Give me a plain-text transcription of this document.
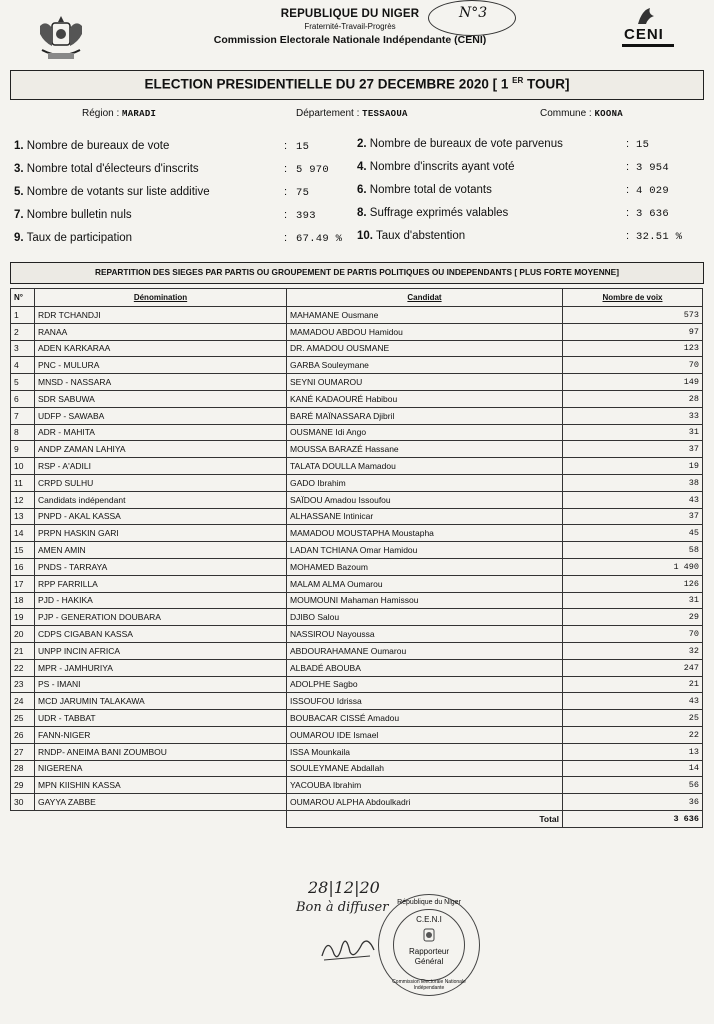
REPUBLIQUE DU NIGER
Fraternité-Travail-Progrès
Commission Electorale Nationale Indépendante (CENI)
N°3
CENI
ELECTION PRESIDENTIELLE DU 27 DECEMBRE 2020 [ 1 $^{ER}$ TOUR]
Région : MARADI	Département : TESSAOUA	Commune : KOONA
1. Nombre de bureaux de vote	: 15	2. Nombre de bureaux de vote parvenus	: 15
3. Nombre total d'électeurs d'inscrits	: 5 970 4. Nombre d'inscrits ayant voté	: 3 954
5. Nombre de votants sur liste additive	: 75	6. Nombre total de votants	: 4 029
7. Nombre bulletin nuls	: 393	8. Suffrage exprimés valables	: 3 636
9. Taux de participation	: 67.49 % 10. Taux d'abstention	: 32.51 %
REPARTITION DES SIEGES PAR PARTIS OU GROUPEMENT DE PARTIS POLITIQUES OU INDEPENDANTS [ PLUS FORTE MOYENNE]
N°	Dénomination	Candidat	Nombre de voix
1	RDR TCHANDJI	MAHAMANE Ousmane	573
2	RANAA	MAMADOU ABDOU Hamidou	97
3	ADEN KARKARAA	DR. AMADOU OUSMANE	123
4	PNC - MULURA	GARBA Souleymane	70
5	MNSD - NASSARA	SEYNI OUMAROU	149
6	SDR SABUWA	KANÉ KADAOURÉ Habibou	28
7	UDFP - SAWABA	BARÉ MAÏNASSARA Djibril	33
8	ADR - MAHITA	OUSMANE Idi Ango	31
9	ANDP ZAMAN LAHIYA	MOUSSA BARAZÉ Hassane	37
10	RSP - A'ADILI	TALATA DOULLA Mamadou	19
11	CRPD SULHU	GADO Ibrahim	38
12	Candidats indépendant	SAÏDOU Amadou Issoufou	43
13	PNPD - AKAL KASSA	ALHASSANE Intinicar	37
14	PRPN HASKIN GARI	MAMADOU MOUSTAPHA Moustapha	45
15	AMEN AMIN	LADAN TCHIANA Omar Hamidou	58
16	PNDS - TARRAYA	MOHAMED Bazoum	1 490
17	RPP FARRILLA	MALAM ALMA Oumarou	126
18	PJD - HAKIKA	MOUMOUNI Mahaman Hamissou	31
19	PJP - GENERATION DOUBARA	DJIBO Salou	29
20	CDPS CIGABAN KASSA	NASSIROU Nayoussa	70
21	UNPP INCIN AFRICA	ABDOURAHAMANE Oumarou	32
22	MPR - JAMHURIYA	ALBADÉ ABOUBA	247
23	PS - IMANI	ADOLPHE Sagbo	21
24	MCD JARUMIN TALAKAWA	ISSOUFOU Idrissa	43
25	UDR - TABBAT	BOUBACAR CISSÉ Amadou	25
26	FANN-NIGER	OUMAROU IDE Ismael	22
27	RNDP- ANEIMA BANI ZOUMBOU	ISSA Mounkaila	13
28	NIGERENA	SOULEYMANE Abdallah	14
29	MPN KIISHIN KASSA	YACOUBA Ibrahim	56
30	GAYYA ZABBE	OUMAROU ALPHA Abdoulkadri	36
		Total	3 636
28|12|20
Bon à diffuser	République du Niger
C.E.N.I
Rapporteur
Général
Commission Electorale Nationale Indépendante
